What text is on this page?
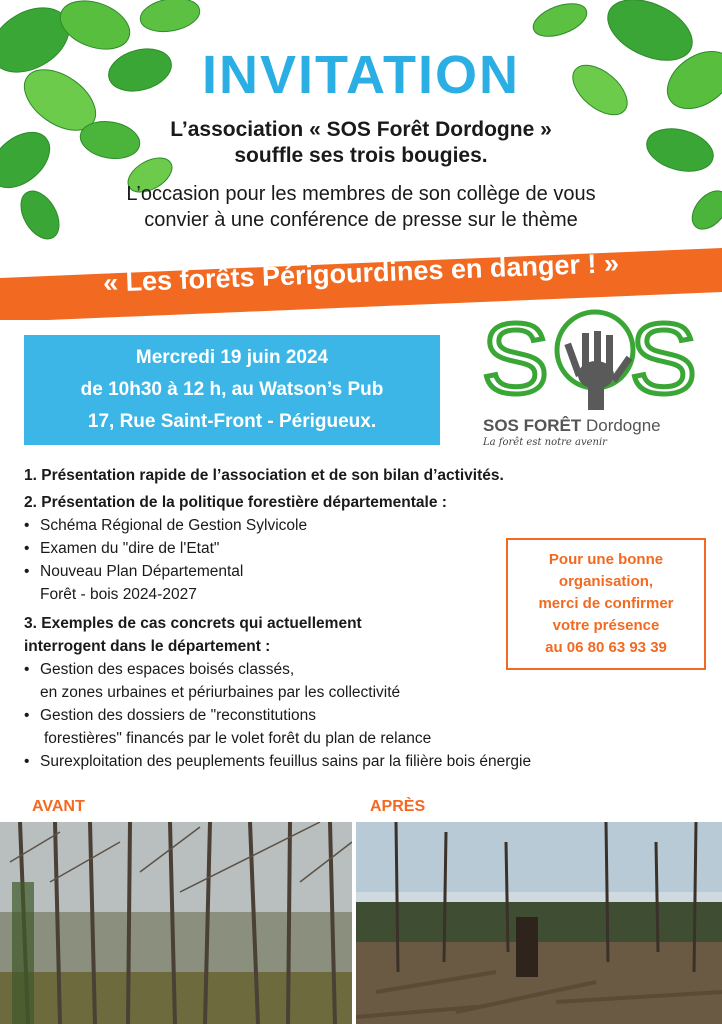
INVITATION
L’association « SOS Forêt Dordogne »
souffle ses trois bougies.
L’occasion pour les membres de son collège de vous
convier à une conférence de presse sur le thème
« Les forêts Périgourdines en danger ! »
Mercredi 19 juin 2024
de 10h30 à 12 h, au Watson’s Pub
17, Rue Saint-Front - Périgueux.
S S
SOS FORÊT Dordogne
La forêt est notre avenir

1. Présentation rapide de l’association et de son bilan d’activités.

2. Présentation de la politique forestière départementale :

• Schéma Régional de Gestion Sylvicole
• Examen du "dire de l'Etat"
• Nouveau Plan Départemental

Forêt - bois 2024-2027

3. Exemples de cas concrets qui actuellement

interrogent dans le département :

• Gestion des espaces boisés classés,

en zones urbaines et périurbaines par les collectivité

• Gestion des dossiers de "reconstitutions

forestières" financés par le volet forêt du plan de relance

• Surexploitation des peuplements feuillus sains par la filière bois énergie
Pour une bonne
organisation,
merci de confirmer
votre présence
au 06 80 63 93 39
AVANT	APRÈS
